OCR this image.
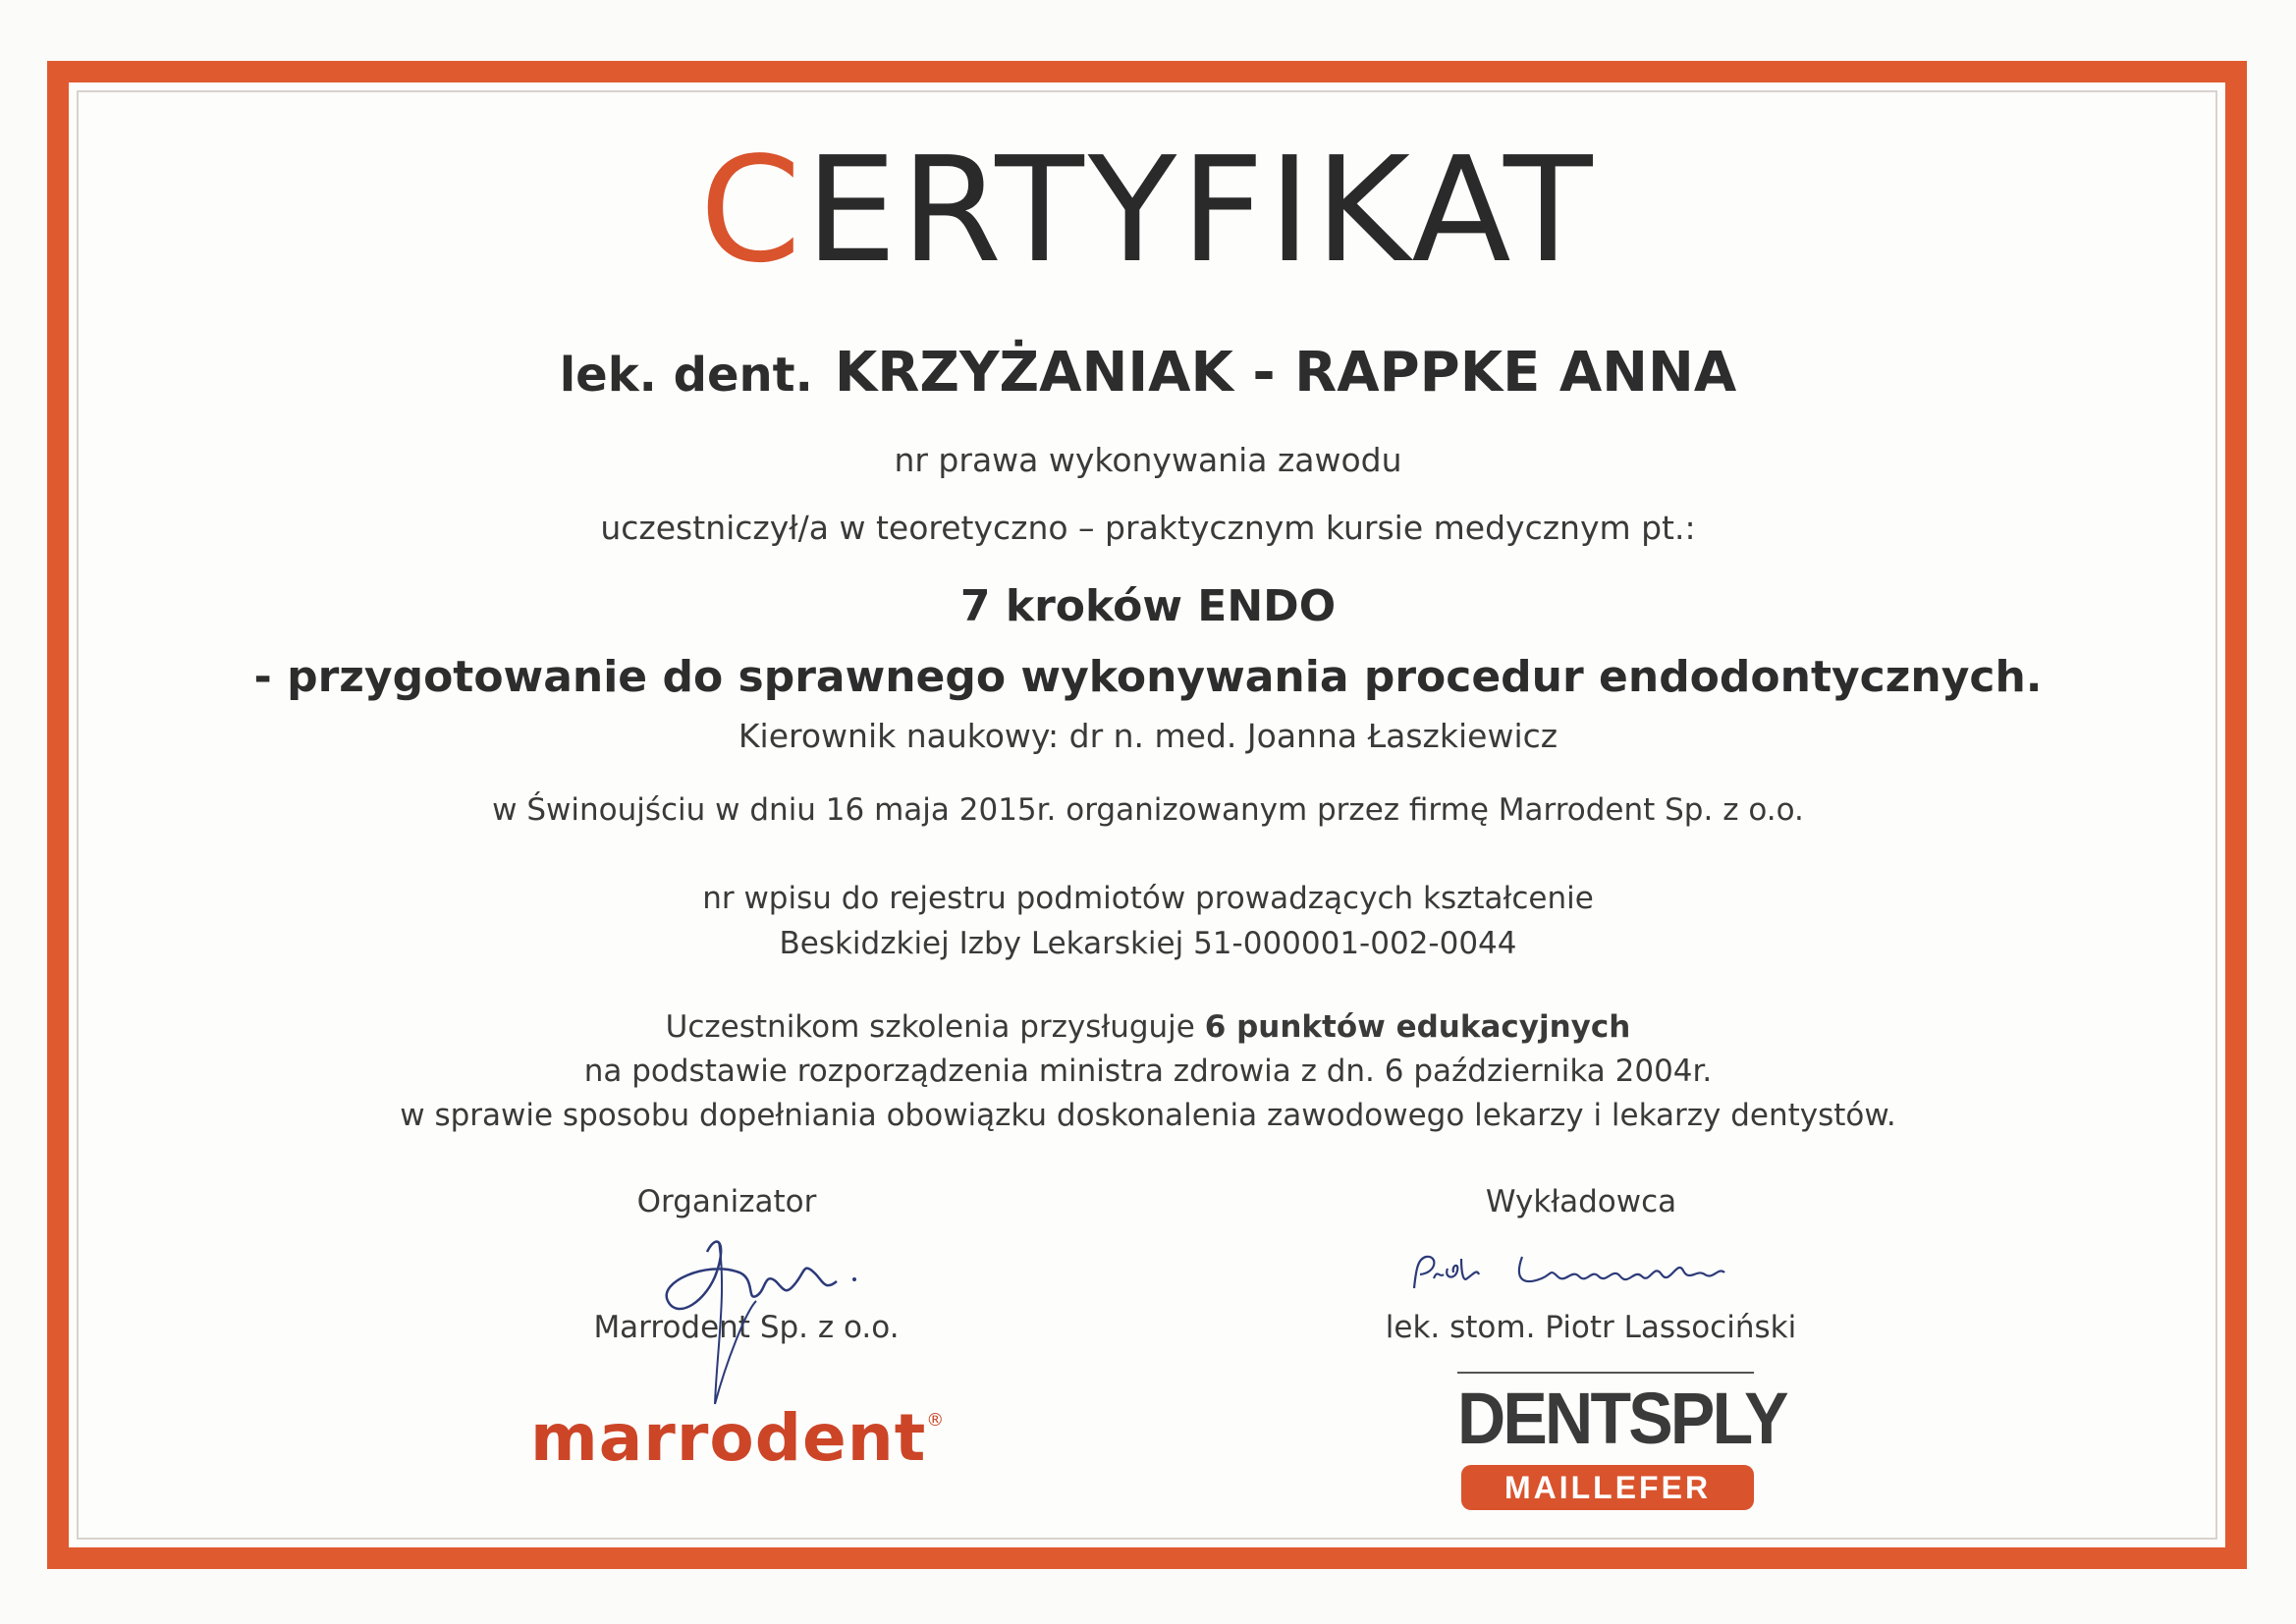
CERTYFIKAT
lek. dent. KRZYŻANIAK - RAPPKE ANNA
nr prawa wykonywania zawodu
uczestniczył/a w teoretyczno – praktycznym kursie medycznym pt.:
7 kroków ENDO
- przygotowanie do sprawnego wykonywania procedur endodontycznych.
Kierownik naukowy: dr n. med. Joanna Łaszkiewicz
w Świnoujściu w dniu 16 maja 2015r. organizowanym przez firmę Marrodent Sp. z o.o.
nr wpisu do rejestru podmiotów prowadzących kształcenie
Beskidzkiej Izby Lekarskiej 51-000001-002-0044
Uczestnikom szkolenia przysługuje 6 punktów edukacyjnych
na podstawie rozporządzenia ministra zdrowia z dn. 6 października 2004r.
w sprawie sposobu dopełniania obowiązku doskonalenia zawodowego lekarzy i lekarzy dentystów.
Organizator
Marrodent Sp. z o.o.
Wykładowca
lek. stom. Piotr Lassociński
marrodent®	DENTSPLY
MAILLEFER
